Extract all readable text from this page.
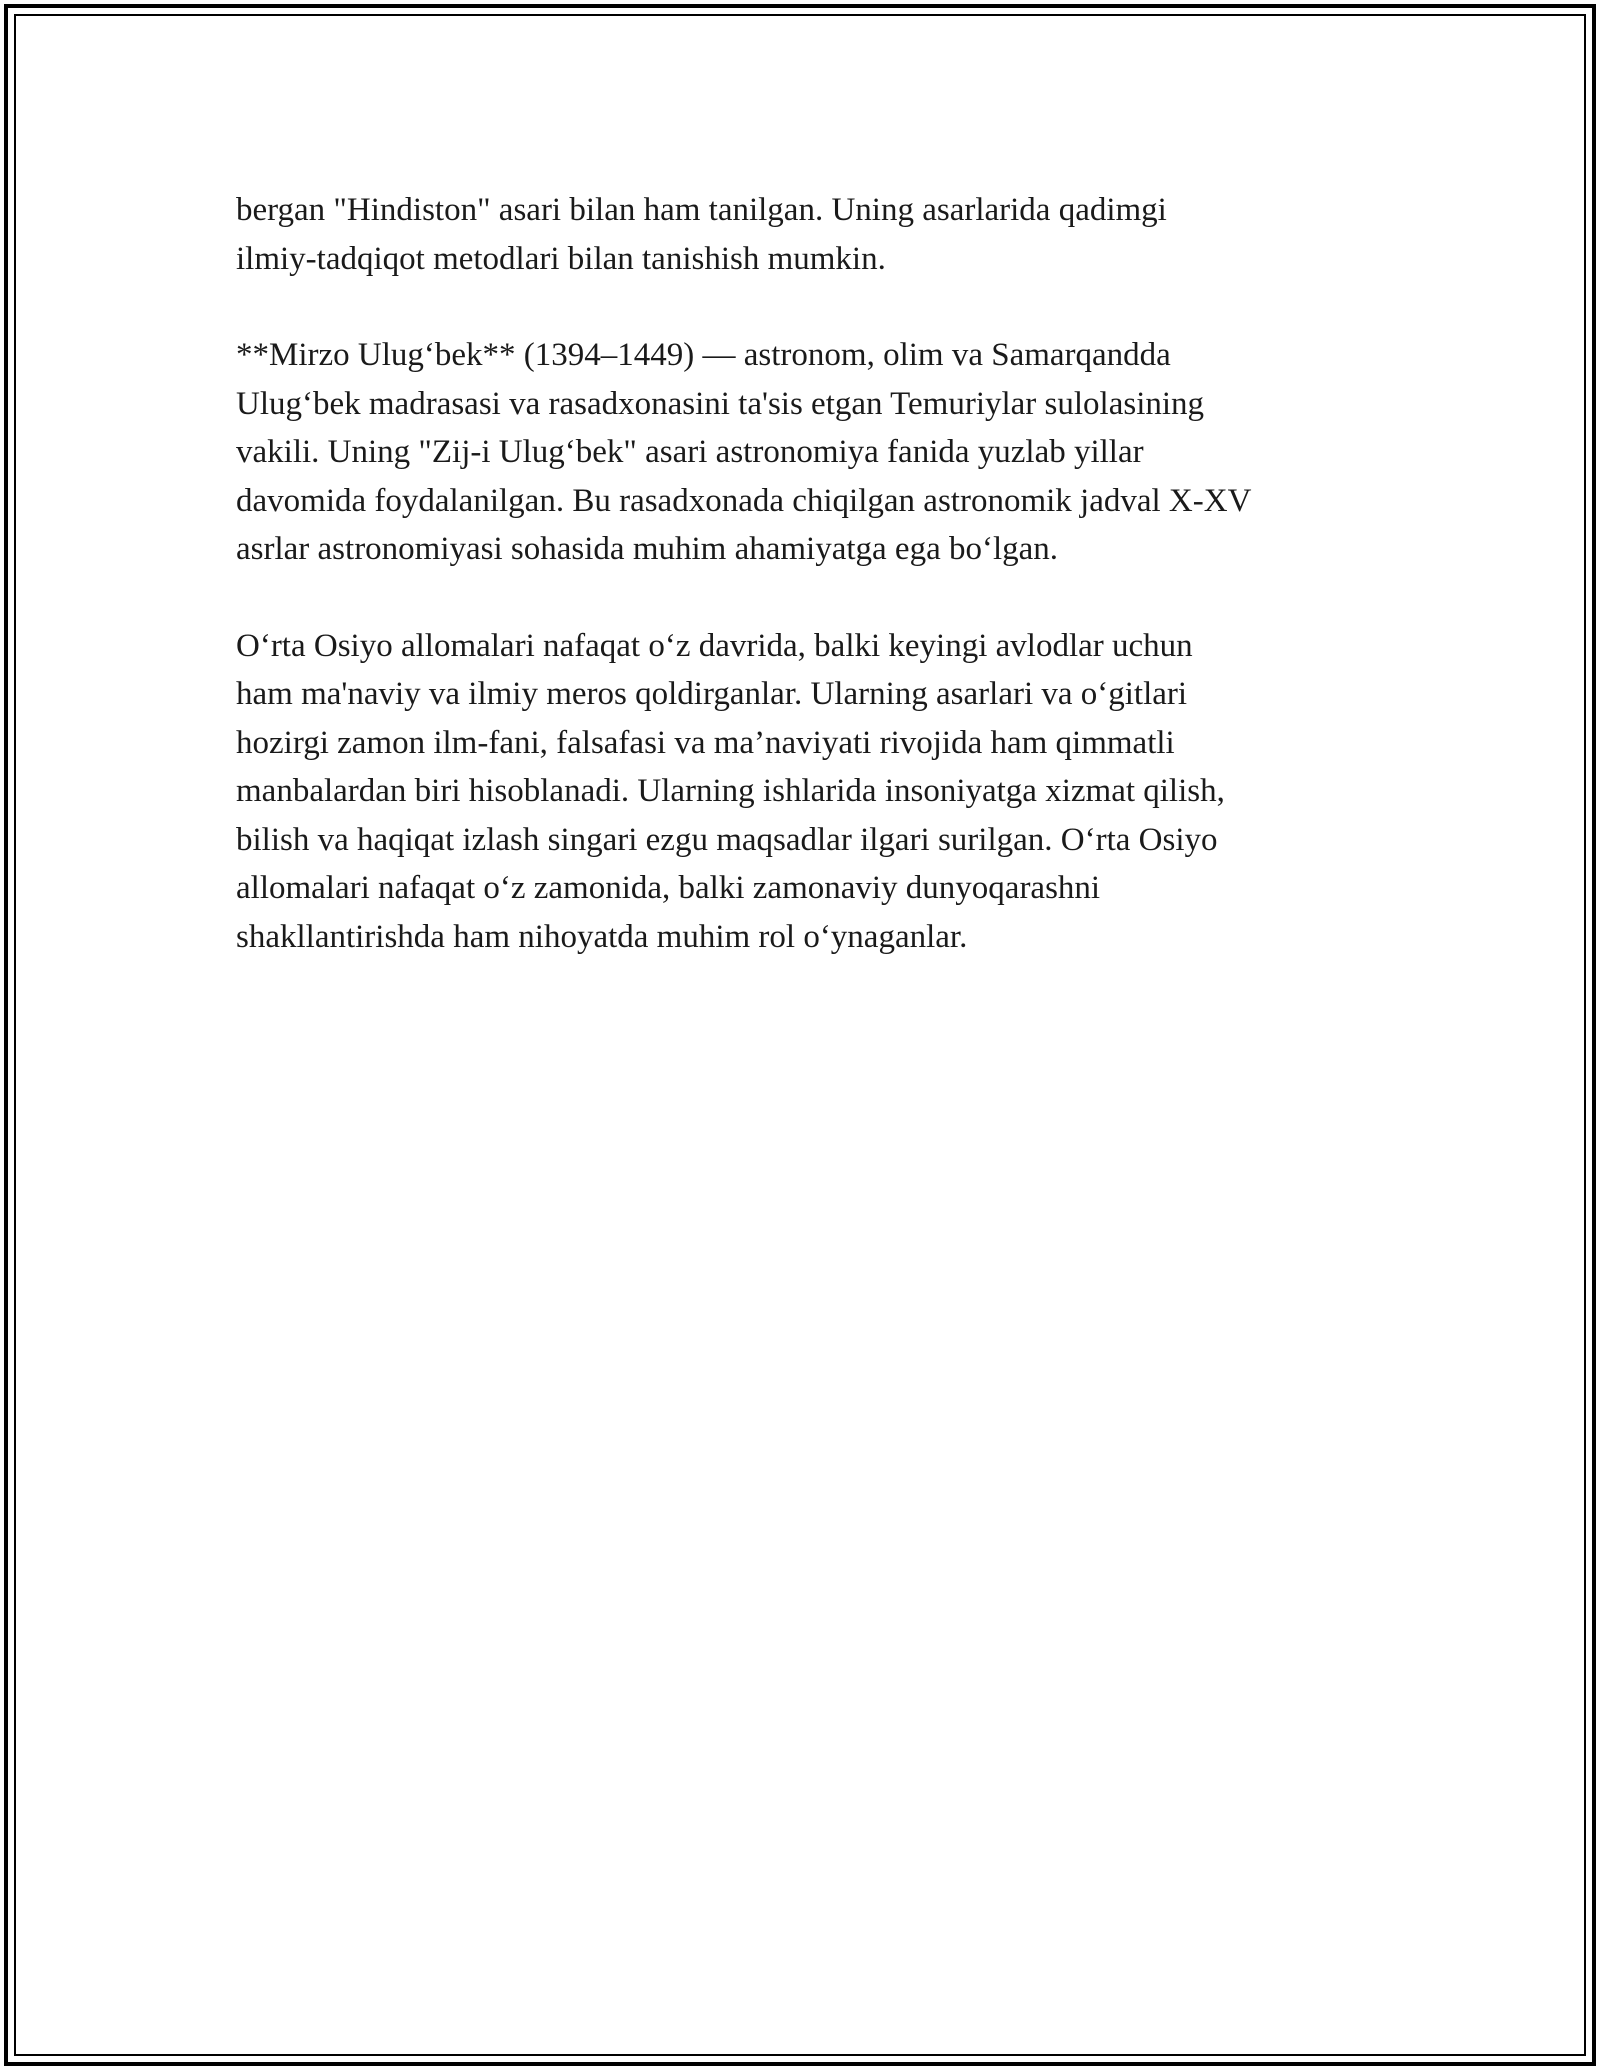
bergan "Hindiston" asari bilan ham tanilgan. Uning asarlarida qadimgi
ilmiy-tadqiqot metodlari bilan tanishish mumkin.

**Mirzo Ulug‘bek** (1394–1449) — astronom, olim va Samarqandda
Ulug‘bek madrasasi va rasadxonasini ta'sis etgan Temuriylar sulolasining
vakili. Uning "Zij-i Ulug‘bek" asari astronomiya fanida yuzlab yillar
davomida foydalanilgan. Bu rasadxonada chiqilgan astronomik jadval X-XV
asrlar astronomiyasi sohasida muhim ahamiyatga ega bo‘lgan.

O‘rta Osiyo allomalari nafaqat o‘z davrida, balki keyingi avlodlar uchun
ham ma'naviy va ilmiy meros qoldirganlar. Ularning asarlari va o‘gitlari
hozirgi zamon ilm-fani, falsafasi va ma’naviyati rivojida ham qimmatli
manbalardan biri hisoblanadi. Ularning ishlarida insoniyatga xizmat qilish,
bilish va haqiqat izlash singari ezgu maqsadlar ilgari surilgan. O‘rta Osiyo
allomalari nafaqat o‘z zamonida, balki zamonaviy dunyoqarashni
shakllantirishda ham nihoyatda muhim rol o‘ynaganlar.
